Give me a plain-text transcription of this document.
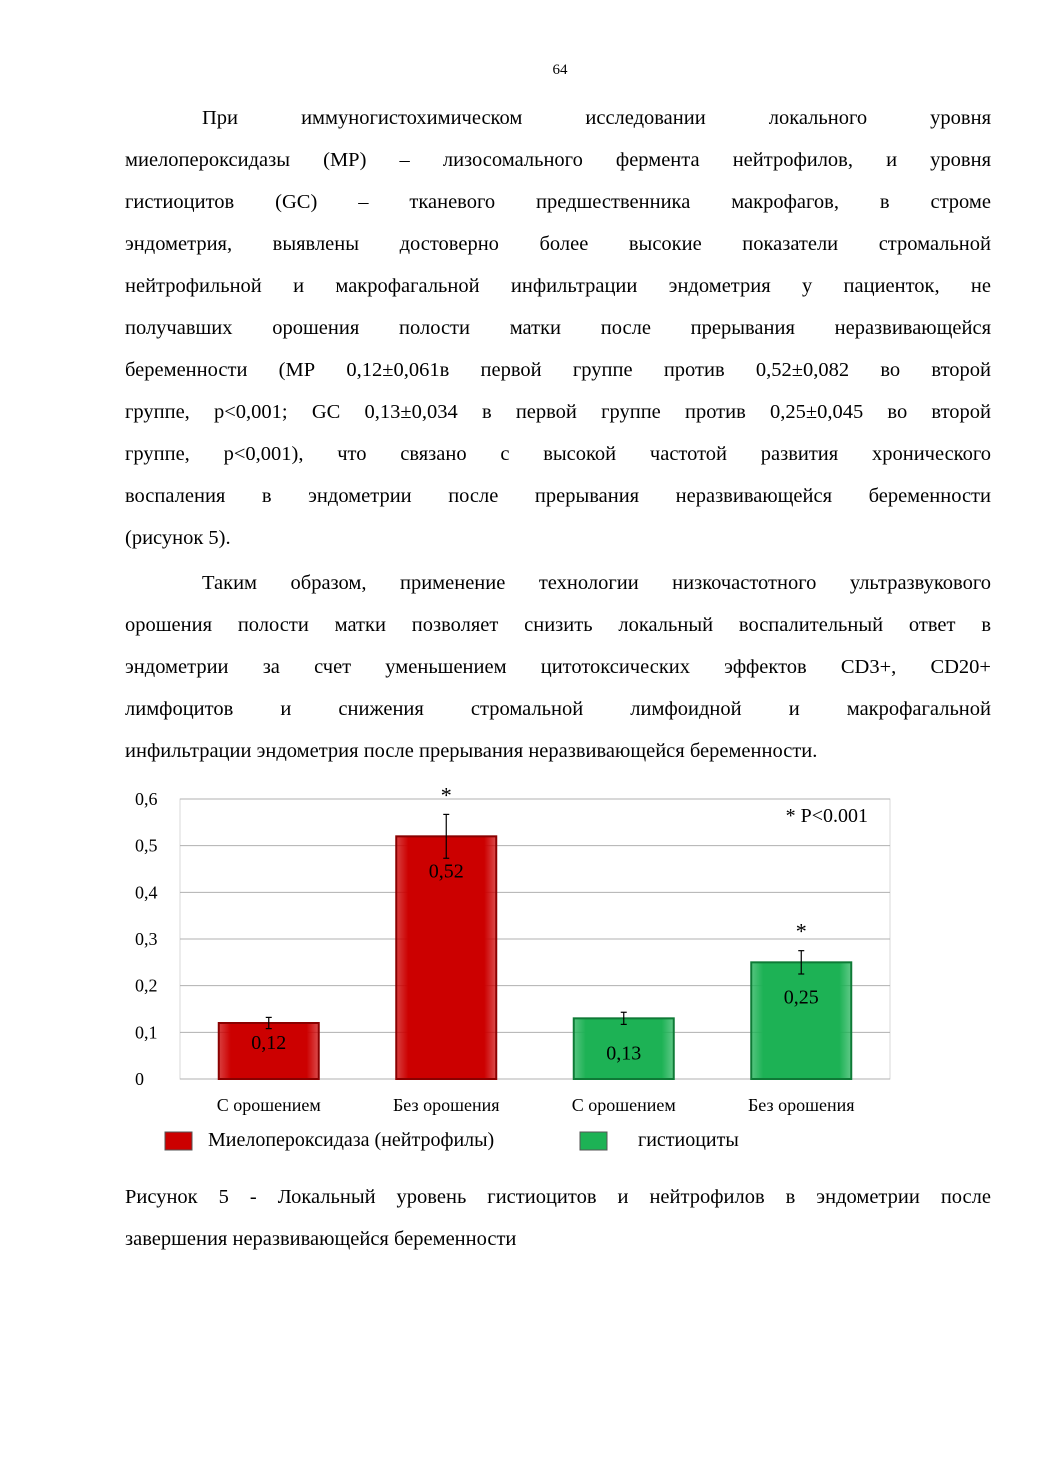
64
При иммуногистохимическом исследовании локального уровня
миелопероксидазы (МР) – лизосомального фермента нейтрофилов, и уровня
гистиоцитов (GC) – тканевого предшественника макрофагов, в строме
эндометрия, выявлены достоверно более высокие показатели стромальной
нейтрофильной и макрофагальной инфильтрации эндометрия у пациенток, не
получавших орошения полости матки после прерывания неразвивающейся
беременности (МР 0,12±0,061в первой группе против 0,52±0,082 во второй
группе, p<0,001; GC 0,13±0,034 в первой группе против 0,25±0,045 во второй
группе, p<0,001), что связано с высокой частотой развития хронического
воспаления в эндометрии после прерывания неразвивающейся беременности
(рисунок 5).
Таким образом, применение технологии низкочастотного ультразвукового
орошения полости матки позволяет снизить локальный воспалительный ответ в
эндометрии за счет уменьшением цитотоксических эффектов CD3+, CD20+
лимфоцитов и снижения стромальной лимфоидной и макрофагальной
инфильтрации эндометрия после прерывания неразвивающейся беременности.
0
0,1
0,2
0,3
0,4
0,5
0,6
0,12
С орошением
0,52
*
Без орошения
0,13
С орошением
0,25
*
Без орошения
* P<0.001
Миелопероксидаза (нейтрофилы)	гистиоциты
Рисунок 5 - Локальный уровень гистиоцитов и нейтрофилов в эндометрии после
завершения неразвивающейся беременности
